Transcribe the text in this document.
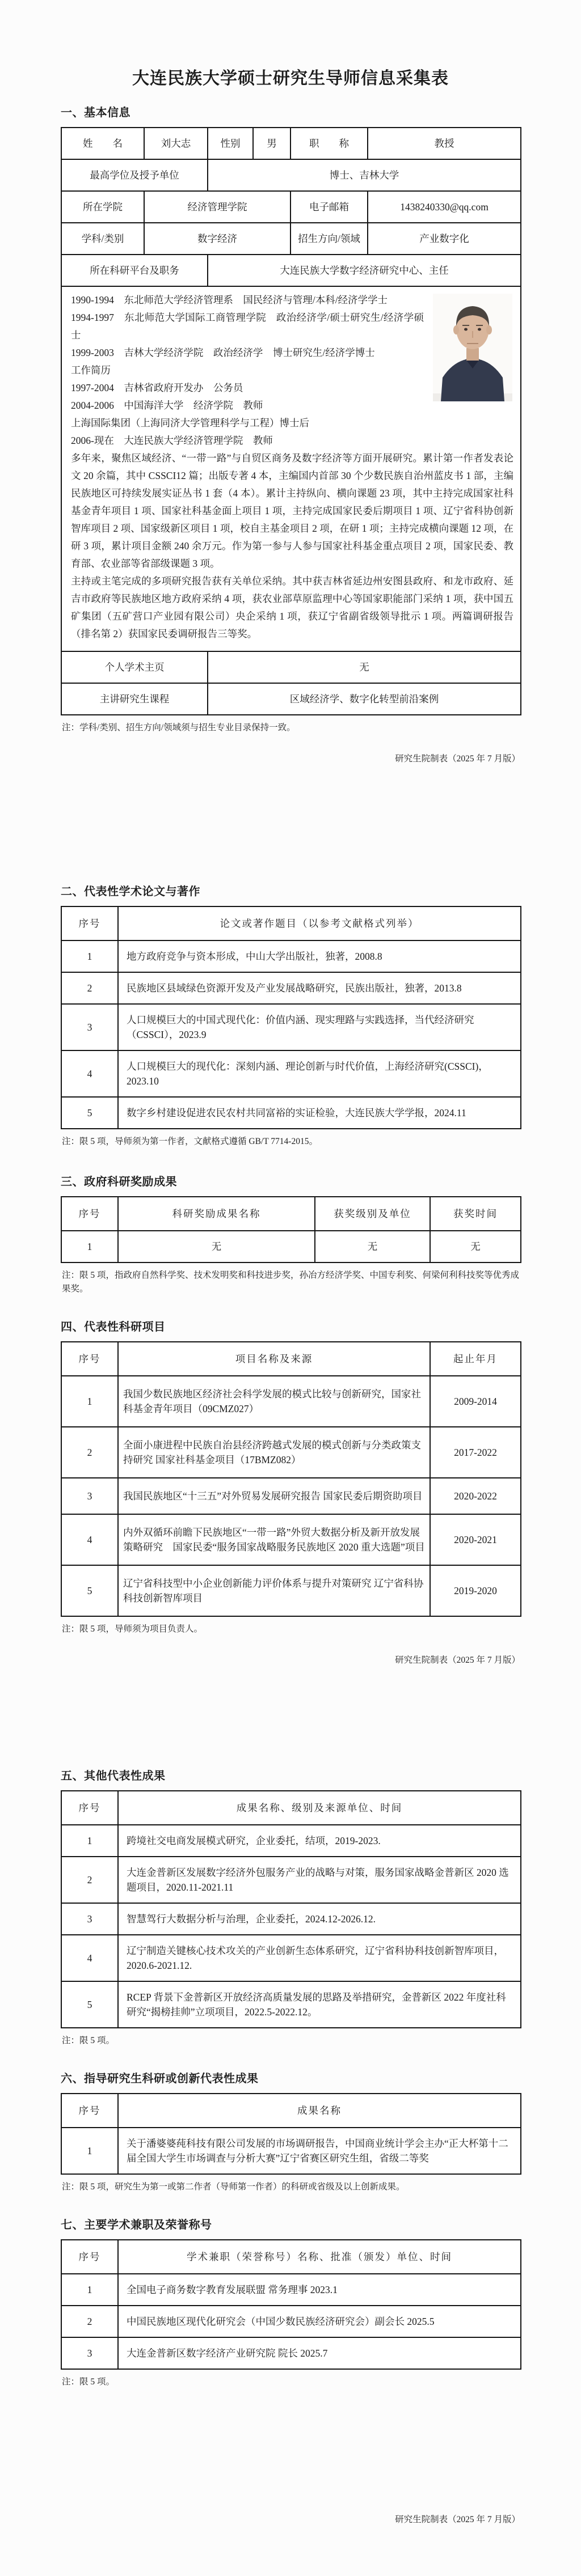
大连民族大学硕士研究生导师信息采集表
一、基本信息
姓　　名	刘大志	性别	男	职　　称	教授
最高学位及授予单位		博士、吉林大学			
所在学院	经济管理学院			电子邮箱	1438240330@qq.com
学科/类别	数字经济			招生方向/领域	产业数字化
所在科研平台及职务		大连民族大学数字经济研究中心、主任			

1990-1994　东北师范大学经济管理系　国民经济与管理/本科/经济学学士

1994-1997　东北师范大学国际工商管理学院　政治经济学/硕士研究生/经济学硕士

1999-2003　吉林大学经济学院　政治经济学　博士研究生/经济学博士

工作简历

1997-2004　吉林省政府开发办　公务员

2004-2006　中国海洋大学　经济学院　教师

上海国际集团（上海同济大学管理科学与工程）博士后

2006-现在　大连民族大学经济管理学院　教师

多年来，聚焦区域经济、“一带一路”与自贸区商务及数字经济等方面开展研究。累计第一作者发表论文 20 余篇，其中 CSSCI12 篇；出版专著 4 本，主编国内首部 30 个少数民族自治州蓝皮书 1 部，主编民族地区可持续发展实证丛书 1 套（4 本）。累计主持纵向、横向课题 23 项，其中主持完成国家社科基金青年项目 1 项、国家社科基金面上项目 1 项，主持完成国家民委后期项目 1 项、辽宁省科协创新智库项目 2 项、国家级新区项目 1 项，校自主基金项目 2 项，在研 1 项；主持完成横向课题 12 项，在研 3 项，累计项目金额 240 余万元。作为第一参与人参与国家社科基金重点项目 2 项，国家民委、教育部、农业部等省部级课题 3 项。

主持或主笔完成的多项研究报告获有关单位采纳。其中获吉林省延边州安图县政府、和龙市政府、延吉市政府等民族地区地方政府采纳 4 项，获农业部草原监理中心等国家职能部门采纳 1 项，获中国五矿集团（五矿营口产业园有限公司）央企采纳 1 项，获辽宁省副省级领导批示 1 项。两篇调研报告（排名第 2）获国家民委调研报告三等奖。

个人学术主页		无			
主讲研究生课程		区域经济学、数字化转型前沿案例			
注：学科/类别、招生方向/领域须与招生专业目录保持一致。
研究生院制表（2025 年 7 月版）
二、代表性学术论文与著作
序号	论文或著作题目（以参考文献格式列举）
1	地方政府竞争与资本形成，中山大学出版社，独著，2008.8
2	民族地区县域绿色资源开发及产业发展战略研究，民族出版社，独著，2013.8
3	人口规模巨大的中国式现代化：价值内涵、现实理路与实践选择，当代经济研究（CSSCI），2023.9
4	人口规模巨大的现代化：深刻内涵、理论创新与时代价值，上海经济研究(CSSCI)，2023.10
5	数字乡村建设促进农民农村共同富裕的实证检验，大连民族大学学报，2024.11
注：限 5 项，导师须为第一作者，文献格式遵循 GB/T 7714-2015。
三、政府科研奖励成果
序号	科研奖励成果名称	获奖级别及单位	获奖时间
1	无	无	无
注：限 5 项，指政府自然科学奖、技术发明奖和科技进步奖，孙冶方经济学奖、中国专利奖、何梁何利科技奖等优秀成果奖。
四、代表性科研项目
序号	项目名称及来源	起止年月
1	我国少数民族地区经济社会科学发展的模式比较与创新研究，国家社科基金青年项目（09CMZ027）	2009-2014
2	全面小康进程中民族自治县经济跨越式发展的模式创新与分类政策支持研究 国家社科基金项目（17BMZ082）	2017-2022
3	我国民族地区“十三五”对外贸易发展研究报告 国家民委后期资助项目	2020-2022
4	内外双循环前瞻下民族地区“一带一路”外贸大数据分析及新开放发展策略研究　国家民委“服务国家战略服务民族地区 2020 重大选题”项目	2020-2021
5	辽宁省科技型中小企业创新能力评价体系与提升对策研究 辽宁省科协科技创新智库项目	2019-2020
注：限 5 项，导师须为项目负责人。
研究生院制表（2025 年 7 月版）
五、其他代表性成果
序号	成果名称、级别及来源单位、时间
1	跨境社交电商发展模式研究，企业委托，结项，2019-2023.
2	大连金普新区发展数字经济外包服务产业的战略与对策，服务国家战略金普新区 2020 选题项目，2020.11-2021.11
3	智慧驾行大数据分析与治理，企业委托，2024.12-2026.12.
4	辽宁制造关键核心技术攻关的产业创新生态体系研究，辽宁省科协科技创新智库项目，2020.6-2021.12.
5	RCEP 背景下金普新区开放经济高质量发展的思路及举措研究，金普新区 2022 年度社科研究“揭榜挂帅”立项项目，2022.5-2022.12。
注：限 5 项。
六、指导研究生科研或创新代表性成果
序号	成果名称
1	关于潘婆婆莼科技有限公司发展的市场调研报告，中国商业统计学会主办“正大杯第十二届全国大学生市场调查与分析大赛”辽宁省赛区研究生组，省级二等奖
注：限 5 项，研究生为第一或第二作者（导师第一作者）的科研或省级及以上创新成果。
七、主要学术兼职及荣誉称号
序号	学术兼职（荣誉称号）名称、批准（颁发）单位、时间
1	全国电子商务数字教育发展联盟 常务理事 2023.1
2	中国民族地区现代化研究会（中国少数民族经济研究会）副会长 2025.5
3	大连金普新区数字经济产业研究院 院长 2025.7
注：限 5 项。
研究生院制表（2025 年 7 月版）
